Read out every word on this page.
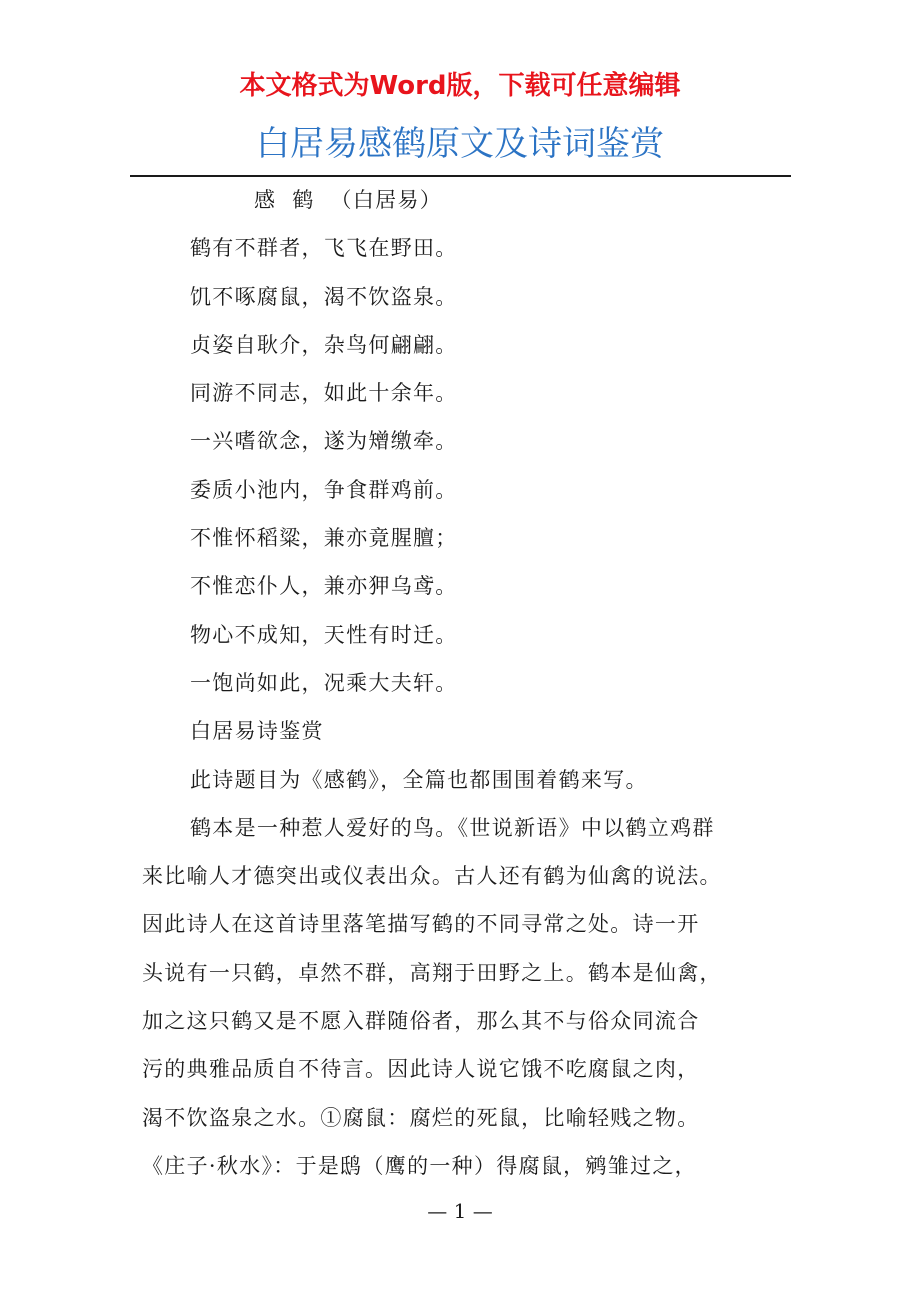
本文格式为Word版，下载可任意编辑
白居易感鹤原文及诗词鉴赏

感  鹤 （白居易）

鹤有不群者，飞飞在野田。

饥不啄腐鼠，渴不饮盗泉。

贞姿自耿介，杂鸟何翩翩。

同游不同志，如此十余年。

一兴嗜欲念，遂为矰缴牵。

委质小池内，争食群鸡前。

不惟怀稻粱，兼亦竟腥膻；

不惟恋仆人，兼亦狎乌鸢。

物心不成知，天性有时迁。

一饱尚如此，况乘大夫轩。

白居易诗鉴赏

此诗题目为《感鹤》，全篇也都围围着鹤来写。

鹤本是一种惹人爱好的鸟。《世说新语》中以鹤立鸡群
来比喻人才德突出或仪表出众。古人还有鹤为仙禽的说法。
因此诗人在这首诗里落笔描写鹤的不同寻常之处。诗一开
头说有一只鹤，卓然不群，高翔于田野之上。鹤本是仙禽，
加之这只鹤又是不愿入群随俗者，那么其不与俗众同流合
污的典雅品质自不待言。因此诗人说它饿不吃腐鼠之肉，
渴不饮盗泉之水。①腐鼠：腐烂的死鼠，比喻轻贱之物。
《庄子·秋水》：于是鸱（鹰的一种）得腐鼠，鹓雏过之，
— 1 —
